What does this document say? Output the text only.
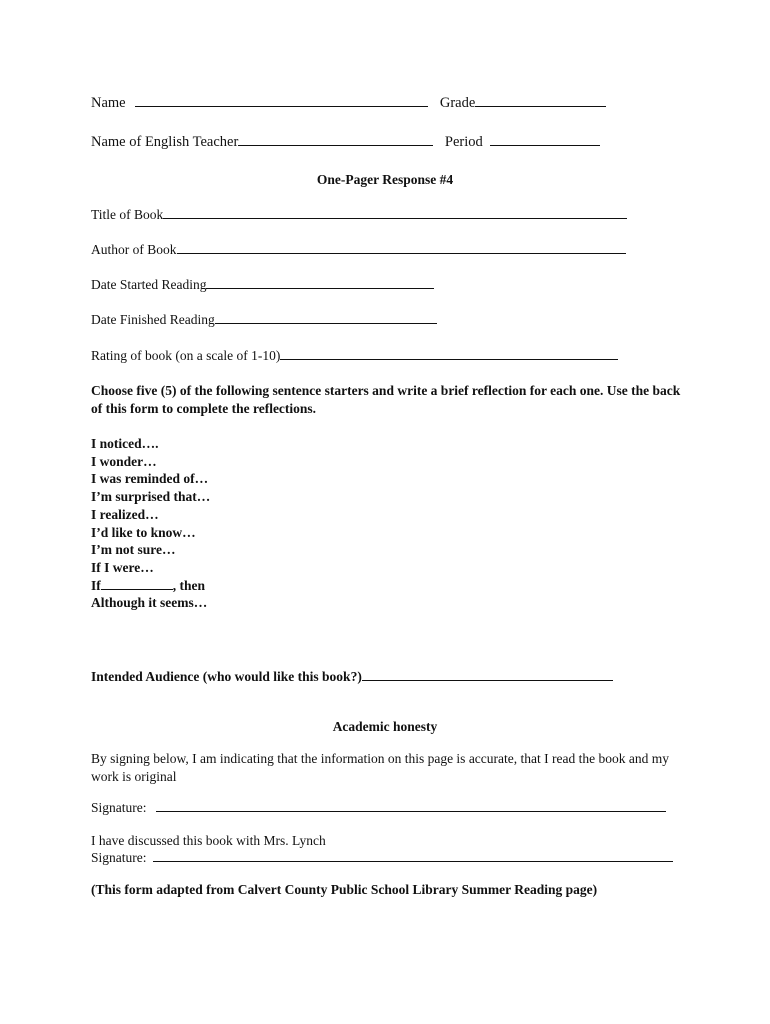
Name	Grade
Name of English Teacher	Period
One-Pager Response #4
Title of Book
Author of Book
Date Started Reading
Date Finished Reading
Rating of book (on a scale of 1-10)
Choose five (5) of the following sentence starters and write a brief reflection for each one. Use the back of this form to complete the reflections.
I noticed….
I wonder…
I was reminded of…
I’m surprised that…
I realized…
I’d like to know…
I’m not sure…
If I were…
If	, then
Although it seems…
Intended Audience (who would like this book?)
Academic honesty
By signing below, I am indicating that the information on this page is accurate, that I read the book and my work is original
Signature:
I have discussed this book with Mrs. Lynch
Signature:
(This form adapted from Calvert County Public School Library Summer Reading page)
